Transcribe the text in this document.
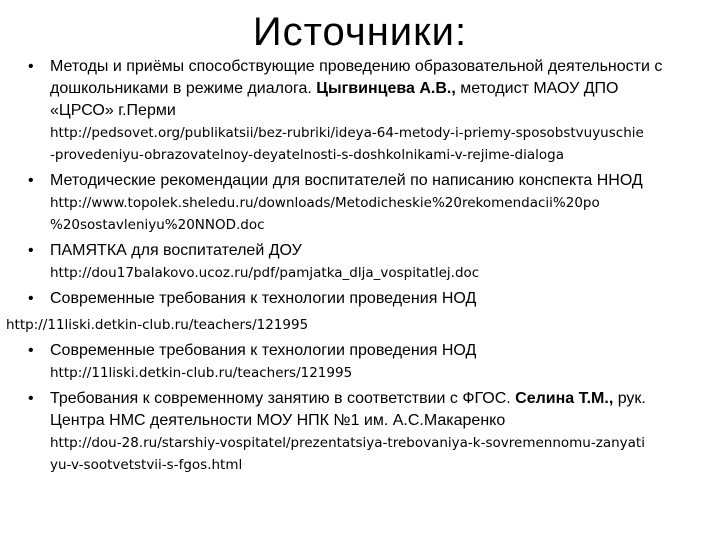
Источники:
• Методы и приёмы способствующие проведению образовательной деятельности с
дошкольниками в режиме диалога. Цыгвинцева А.В., методист МАОУ ДПО
«ЦРСО» г.Перми
http://pedsovet.org/publikatsii/bez-rubriki/ideya-64-metody-i-priemy-sposobstvuyuschie
-provedeniyu-obrazovatelnoy-deyatelnosti-s-doshkolnikami-v-rejime-dialoga
• Методические рекомендации для воспитателей по написанию конспекта ННОД
http://www.topolek.sheledu.ru/downloads/Metodicheskie%20rekomendacii%20po
%20sostavleniyu%20NNOD.doc
• ПАМЯТКА для воспитателей ДОУ
http://dou17balakovo.ucoz.ru/pdf/pamjatka_dlja_vospitatlej.doc
• Современные требования к технологии проведения НОД
http://11liski.detkin-club.ru/teachers/121995
• Современные требования к технологии проведения НОД
http://11liski.detkin-club.ru/teachers/121995
• Требования к современному занятию в соответствии с ФГОС. Селина Т.М., рук.
Центра НМС деятельности МОУ НПК №1 им. А.С.Макаренко
http://dou-28.ru/starshiy-vospitatel/prezentatsiya-trebovaniya-k-sovremennomu-zanyati
yu-v-sootvetstvii-s-fgos.html
